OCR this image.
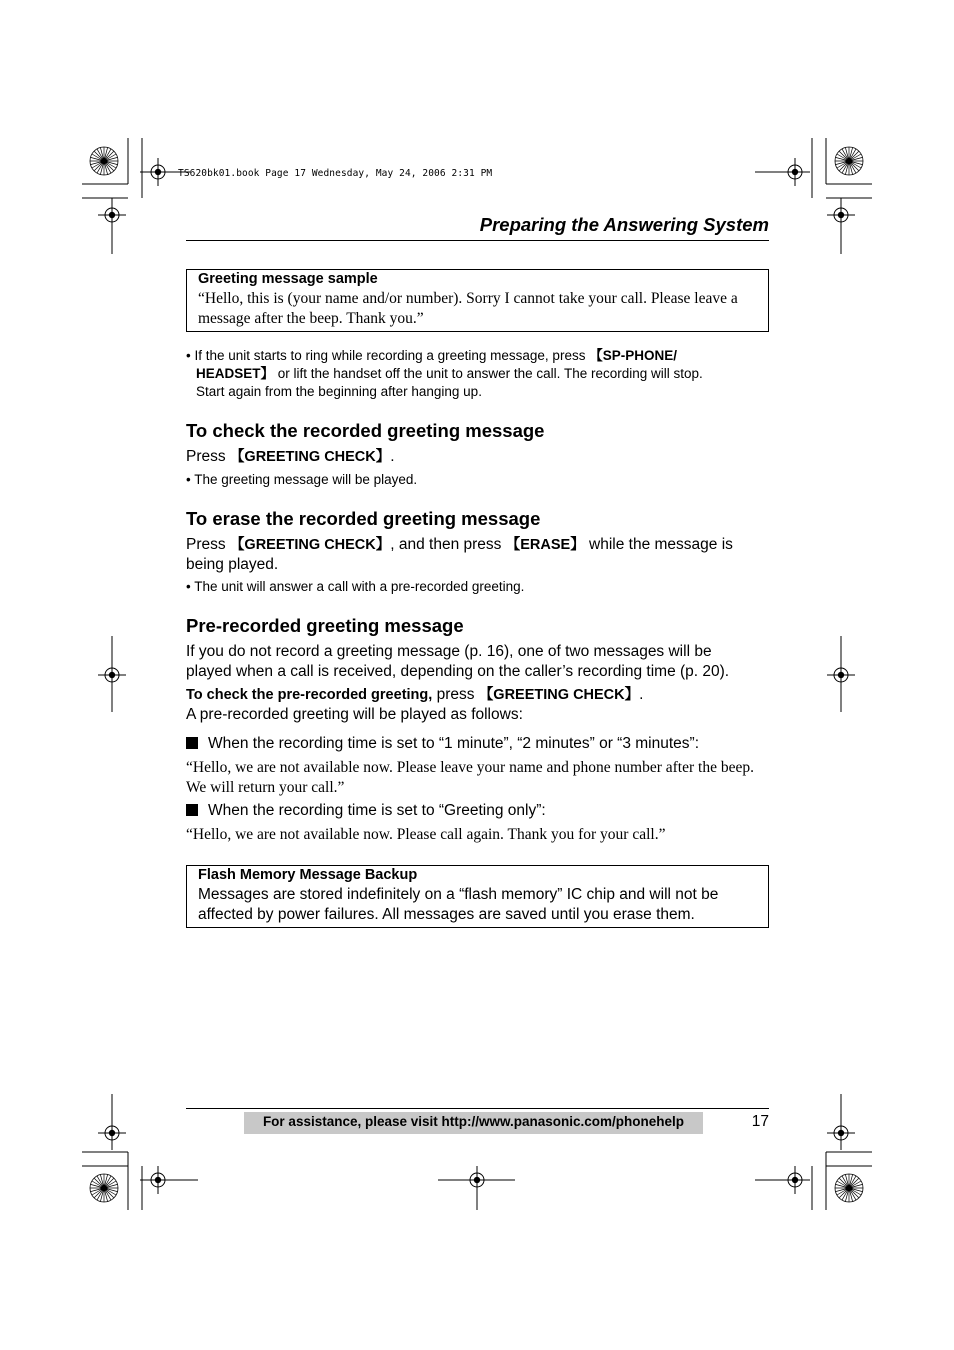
TS620bk01.book Page 17 Wednesday, May 24, 2006 2:31 PM
Preparing the Answering System
Greeting message sample
“Hello, this is (your name and/or number). Sorry I cannot take your call. Please leave a message after the beep. Thank you.”
• If the unit starts to ring while recording a greeting message, press 【SP-PHONE/
HEADSET】 or lift the handset off the unit to answer the call. The recording will stop.
Start again from the beginning after hanging up.
To check the recorded greeting message
Press 【GREETING CHECK】.
• The greeting message will be played.
To erase the recorded greeting message
Press 【GREETING CHECK】, and then press 【ERASE】 while the message is
being played.
• The unit will answer a call with a pre-recorded greeting.
Pre-recorded greeting message
If you do not record a greeting message (p. 16), one of two messages will be
played when a call is received, depending on the caller’s recording time (p. 20).
To check the pre-recorded greeting, press 【GREETING CHECK】.
A pre-recorded greeting will be played as follows:
When the recording time is set to “1 minute”, “2 minutes” or “3 minutes”:
“Hello, we are not available now. Please leave your name and phone number after the beep. We will return your call.”
When the recording time is set to “Greeting only”:
“Hello, we are not available now. Please call again. Thank you for your call.”
Flash Memory Message Backup
Messages are stored indefinitely on a “flash memory” IC chip and will not be affected by power failures. All messages are saved until you erase them.
For assistance, please visit http://www.panasonic.com/phonehelp	17
